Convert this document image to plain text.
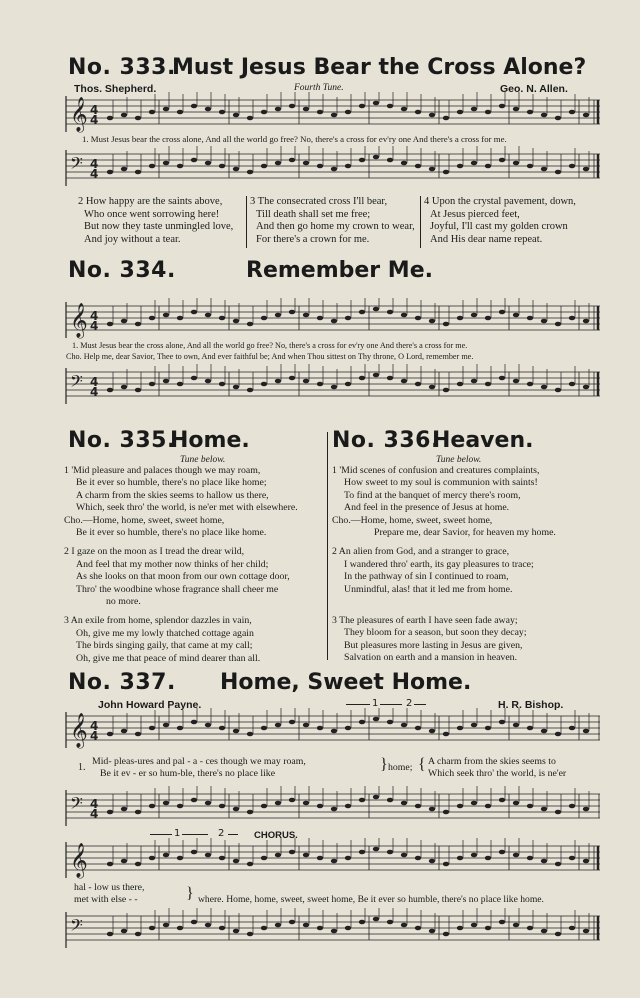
No. 333.
Must Jesus Bear the Cross Alone?
Thos. Shepherd.	Fourth Tune.	Geo. N. Allen.
𝄞 4
4
1. Must Jesus bear the cross alone, And all the world go free? No, there's a cross for ev'ry one And there's a cross for me.
𝄢 4
4
2 How happy are the saints above,
Who once went sorrowing here!
But now they taste unmingled love,
And joy without a tear.
3 The consecrated cross I'll bear,
Till death shall set me free;
And then go home my crown to wear,
For there's a crown for me.
4 Upon the crystal pavement, down,
At Jesus pierced feet,
Joyful, I'll cast my golden crown
And His dear name repeat.
No. 334.	Remember Me.
𝄞 4
4
1. Must Jesus bear the cross alone, And all the world go free? No, there's a cross for ev'ry one And there's a cross for me.
Cho. Help me, dear Savior, Thee to own, And ever faithful be; And when Thou sittest on Thy throne, O Lord, remember me.
𝄢 4
4
No. 335.
Home.
Tune below.
1 'Mid pleasure and palaces though we may roam,
Be it ever so humble, there's no place like home;
A charm from the skies seems to hallow us there,
Which, seek thro' the world, is ne'er met with elsewhere.
Cho.—Home, home, sweet, sweet home,
Be it ever so humble, there's no place like home.
2 I gaze on the moon as I tread the drear wild,
And feel that my mother now thinks of her child;
As she looks on that moon from our own cottage door,
Thro' the woodbine whose fragrance shall cheer me
no more.
3 An exile from home, splendor dazzles in vain,
Oh, give me my lowly thatched cottage again
The birds singing gaily, that came at my call;
Oh, give me that peace of mind dearer than all.
No. 336.
Heaven.
Tune below.
1 'Mid scenes of confusion and creatures complaints,
How sweet to my soul is communion with saints!
To find at the banquet of mercy there's room,
And feel in the presence of Jesus at home.
Cho.—Home, home, sweet, sweet home,
Prepare me, dear Savior, for heaven my home.
2 An alien from God, and a stranger to grace,
I wandered thro' earth, its gay pleasures to trace;
In the pathway of sin I continued to roam,
Unmindful, alas! that it led me from home.
3 The pleasures of earth I have seen fade away;
They bloom for a season, but soon they decay;
But pleasures more lasting in Jesus are given,
Salvation on earth and a mansion in heaven.
No. 337. Home, Sweet Home.
John Howard Payne.	H. R. Bishop.
1	2
𝄞 4
4
1.
Mid- pleas-ures and pal - a - ces though we may roam,
Be it ev - er so hum-ble, there's no place like
} home; { A charm from the skies seems to
Which seek thro' the world, is ne'er
𝄢 4
4
1	2	CHORUS.
𝄞
hal - low us there,
met with else - -	} where. Home, home, sweet, sweet home, Be it ever so humble, there's no place like home.
𝄢
